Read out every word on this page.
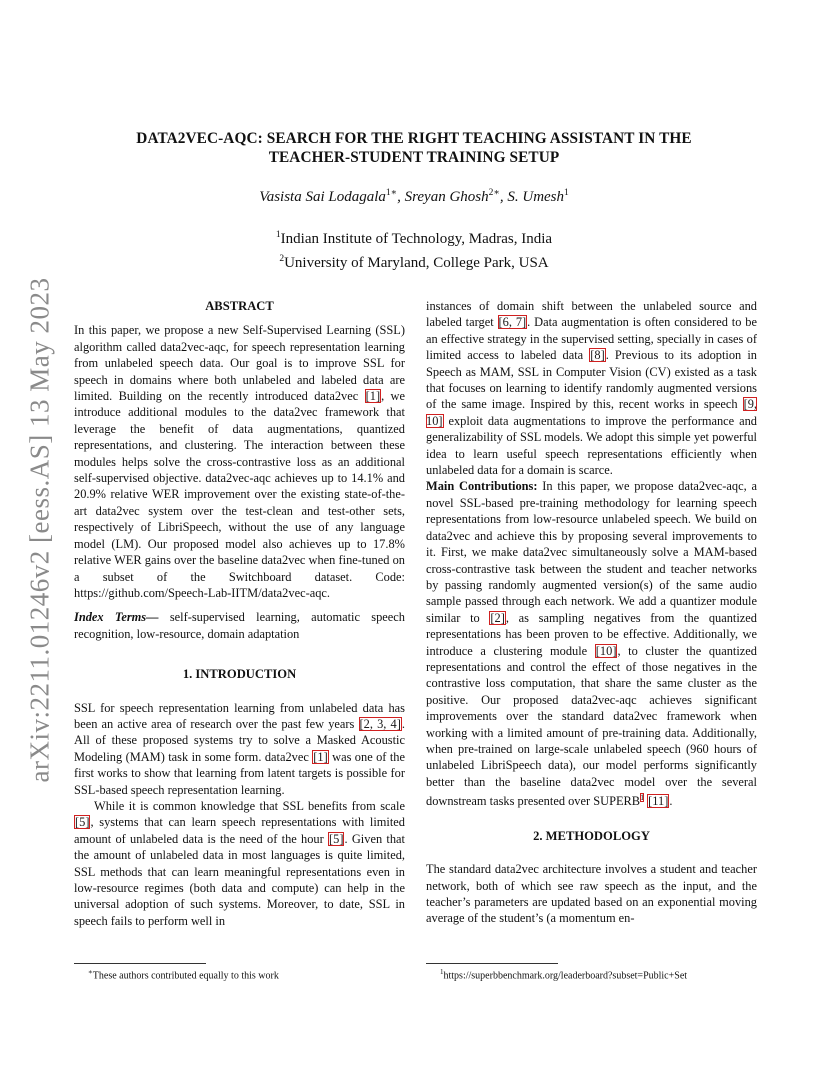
arXiv:2211.01246v2 [eess.AS] 13 May 2023
DATA2VEC-AQC: SEARCH FOR THE RIGHT TEACHING ASSISTANT IN THE
TEACHER-STUDENT TRAINING SETUP
Vasista Sai Lodagala$^{1∗}$, Sreyan Ghosh$^{2∗}$, S. Umesh$^1$
$^1$Indian Institute of Technology, Madras, India
$^2$University of Maryland, College Park, USA

ABSTRACT

In this paper, we propose a new Self-Supervised Learning (SSL) algorithm called data2vec-aqc, for speech representation learning from unlabeled speech data. Our goal is to improve SSL for speech in domains where both unlabeled and labeled data are limited. Building on the recently introduced data2vec [1], we introduce additional modules to the data2vec framework that leverage the benefit of data augmentations, quantized representations, and clustering. The interaction between these modules helps solve the cross-contrastive loss as an additional self-supervised objective. data2vec-aqc achieves up to 14.1% and 20.9% relative WER improvement over the existing state-of-the-art data2vec system over the test-clean and test-other sets, respectively of LibriSpeech, without the use of any language model (LM). Our proposed model also achieves up to 17.8% relative WER gains over the baseline data2vec when fine-tuned on a subset of the Switchboard dataset. Code: https://github.com/Speech-Lab-IITM/data2vec-aqc.

Index Terms— self-supervised learning, automatic speech recognition, low-resource, domain adaptation

1. INTRODUCTION

SSL for speech representation learning from unlabeled data has been an active area of research over the past few years [2, 3, 4]. All of these proposed systems try to solve a Masked Acoustic Modeling (MAM) task in some form. data2vec [1] was one of the first works to show that learning from latent targets is possible for SSL-based speech representation learning.

While it is common knowledge that SSL benefits from scale [5], systems that can learn speech representations with limited amount of unlabeled data is the need of the hour [5]. Given that the amount of unlabeled data in most languages is quite limited, SSL methods that can learn meaningful representations even in low-resource regimes (both data and compute) can help in the universal adoption of such systems. Moreover, to date, SSL in speech fails to perform well in

instances of domain shift between the unlabeled source and labeled target [6, 7]. Data augmentation is often considered to be an effective strategy in the supervised setting, specially in cases of limited access to labeled data [8]. Previous to its adoption in Speech as MAM, SSL in Computer Vision (CV) existed as a task that focuses on learning to identify randomly augmented versions of the same image. Inspired by this, recent works in speech [9, 10] exploit data augmentations to improve the performance and generalizability of SSL models. We adopt this simple yet powerful idea to learn useful speech representations efficiently when unlabeled data for a domain is scarce.

Main Contributions: In this paper, we propose data2vec-aqc, a novel SSL-based pre-training methodology for learning speech representations from low-resource unlabeled speech. We build on data2vec and achieve this by proposing several improvements to it. First, we make data2vec simultaneously solve a MAM-based cross-contrastive task between the student and teacher networks by passing randomly augmented version(s) of the same audio sample passed through each network. We add a quantizer module similar to [2], as sampling negatives from the quantized representations has been proven to be effective. Additionally, we introduce a clustering module [10], to cluster the quantized representations and control the effect of those negatives in the contrastive loss computation, that share the same cluster as the positive. Our proposed data2vec-aqc achieves significant improvements over the standard data2vec framework when working with a limited amount of pre-training data. Additionally, when pre-trained on large-scale unlabeled speech (960 hours of unlabeled LibriSpeech data), our model performs significantly better than the baseline data2vec model over the several downstream tasks presented over SUPERB$^1$ [11].

2. METHODOLOGY

The standard data2vec architecture involves a student and teacher network, both of which see raw speech as the input, and the teacher’s parameters are updated based on an exponential moving average of the student’s (a momentum en-

∗These authors contributed equally to this work	$^1$https://superbbenchmark.org/leaderboard?subset=Public+Set
